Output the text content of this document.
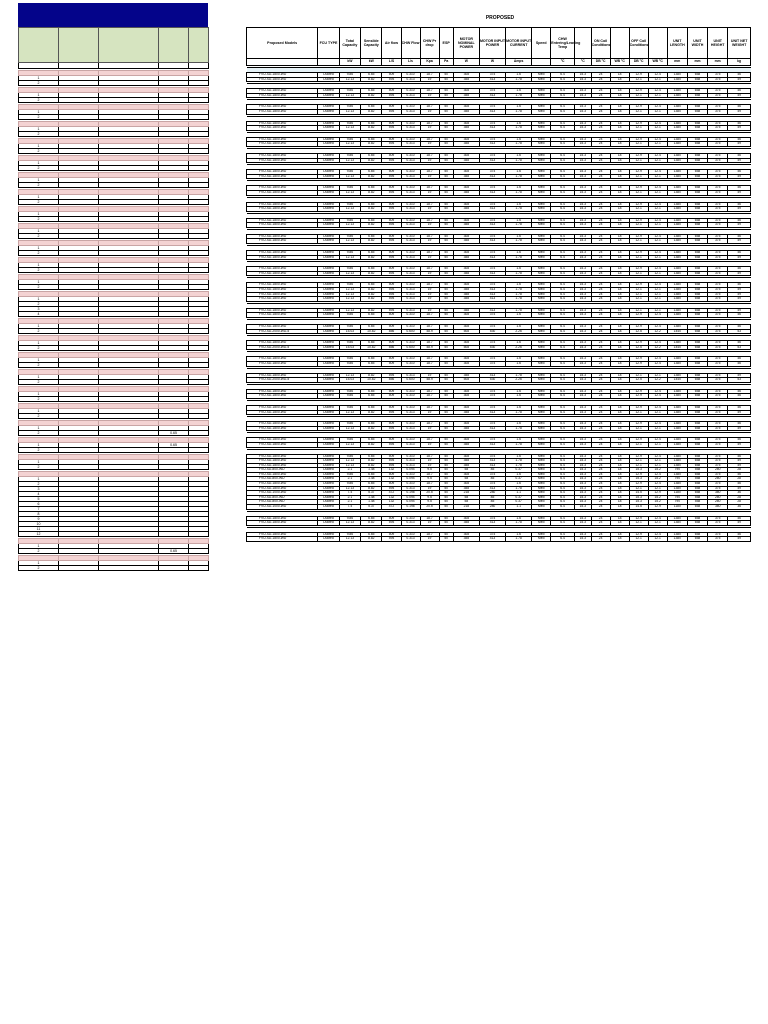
1				
2				

1				
2				

1				
2				

1				
2				

1				
2				

1				
2				

1				
2				

1				
2				

1				
2				

1				
2				

1				
2				

1				
2				

1				
2				

1				
2				
3				
4				

1				
2				

1				
2				

1				
2				

1				
2				

1				
2				

1				
2				

1				
2			0.65	

1			0.65	
2				

1				
2				

1				
2				
3				
4				
5				
6				
7				
8				
9				
10				
11				
12				

1				
2			0.65	

1				
2				
PROPOSED
Proposed Models	FCU TYPE	Total Capacity	Sensible Capacity	Air flow	CHW Flow	CHW Pr drop	ESP	MOTOR NOMINAL POWER	MOTOR INPUT POWER	MOTOR INPUT CURRENT	Speed	CHW Entering/Leaving Temp		ON Coil Conditions		OFF Coil Conditions		UNIT LENGTH	UNIT WIDTH	UNIT HEIGHT	UNIT NET WEIGHT
		kW	kW	L/S	L/s	Kpa	Pa	W	W	Amps		°C	°C	DB °C	WB °C	DB °C	WB °C	mm	mm	mm	kg

FVU-SD-1800-WD	Ducted	9.86	6.65	509	0.310	18.7	50	308	374	1.6	Med	6.4	15.3	24	18	12.9	12.4	1380	658	375	46
FVU-SD-1800-WD	Ducted	12.13	8.82	594	0.313	19	50	358	413	1.78	Med	6.4	15.3	24	18	12.1	12.1	1380	658	375	49

FVU-SD-1800-WD	Ducted	9.86	6.65	509	0.310	18.7	50	308	374	1.6	Med	6.4	15.3	24	18	12.9	12.4	1380	658	375	46
FVU-SD-1800-WD	Ducted	12.13	8.82	594	0.313	19	50	358	413	1.78	Med	6.4	15.3	24	18	12.1	12.1	1380	658	375	49

FVU-SD-1800-WD	Ducted	9.86	6.65	509	0.310	18.7	50	308	374	1.6	Med	6.4	15.3	24	18	12.9	12.4	1380	658	375	46
FVU-SD-1800-WD	Ducted	12.13	8.82	594	0.313	19	50	358	413	1.78	Med	6.4	15.3	24	18	12.1	12.1	1380	658	375	49

FVU-SD-1800-WD	Ducted	9.86	6.65	509	0.310	18.7	50	308	374	1.6	Med	6.4	15.3	24	18	12.9	12.4	1380	658	375	46
FVU-SD-1800-WD	Ducted	12.13	8.82	594	0.313	19	50	358	413	1.78	Med	6.4	15.3	24	18	12.1	12.1	1380	658	375	49

FVU-SD-1800-WD	Ducted	9.86	6.65	509	0.310	18.7	50	308	374	1.6	Med	6.4	15.3	24	18	12.9	12.4	1380	658	375	46
FVU-SD-1800-WD	Ducted	12.13	8.82	594	0.313	19	50	358	413	1.78	Med	6.4	15.3	24	18	12.1	12.1	1380	658	375	49

FVU-SD-1800-WD	Ducted	9.86	6.65	509	0.310	18.7	50	308	374	1.6	Med	6.4	15.3	24	18	12.9	12.4	1380	658	375	46
FVU-SD-1800-WD	Ducted	12.13	8.82	594	0.313	19	50	358	413	1.78	Med	6.4	15.3	24	18	12.1	12.1	1380	658	375	49

FVU-SD-1800-WD	Ducted	9.86	6.65	509	0.310	18.7	50	308	374	1.6	Med	6.4	15.3	24	18	12.9	12.4	1380	658	375	46
FVU-SD-1800-WD	Ducted	12.13	8.82	594	0.313	19	50	358	413	1.78	Med	6.4	15.3	24	18	12.1	12.1	1380	658	375	49

FVU-SD-1800-WD	Ducted	9.86	6.65	509	0.310	18.7	50	308	374	1.6	Med	6.4	15.3	24	18	12.9	12.4	1380	658	375	46
FVU-SD-1800-WD	Ducted	12.13	8.82	594	0.313	19	50	358	413	1.78	Med	6.4	15.3	24	18	12.1	12.1	1380	658	375	49

FVU-SD-1800-WD	Ducted	9.86	6.65	509	0.310	18.7	50	308	374	1.6	Med	6.4	15.3	24	18	12.9	12.4	1380	658	375	46
FVU-SD-1800-WD	Ducted	12.13	8.82	594	0.313	19	50	358	413	1.78	Med	6.4	15.3	24	18	12.1	12.1	1380	658	375	49

FVU-SD-1800-WD	Ducted	9.86	6.65	509	0.310	18.7	50	308	374	1.6	Med	6.4	15.3	24	18	12.9	12.4	1380	658	375	46
FVU-SD-1800-WD	Ducted	12.13	8.82	594	0.313	19	50	358	413	1.78	Med	6.4	15.3	24	18	12.1	12.1	1380	658	375	49

FVU-SD-1800-WD	Ducted	9.86	6.65	509	0.310	18.7	50	308	374	1.6	Med	6.4	15.3	24	18	12.9	12.4	1380	658	375	46
FVU-SD-1800-WD	Ducted	12.13	8.82	594	0.313	19	50	358	413	1.78	Med	6.4	15.3	24	18	12.1	12.1	1380	658	375	49

FVU-SD-1800-WD	Ducted	9.86	6.65	509	0.310	18.7	50	308	374	1.6	Med	6.4	15.3	24	18	12.9	12.4	1380	658	375	46
FVU-SD-1800-WD	Ducted	12.13	8.82	594	0.313	19	50	358	413	1.78	Med	6.4	15.3	24	18	12.1	12.1	1380	658	375	49

FVU-SD-1800-WD	Ducted	9.86	6.65	509	0.310	18.7	50	308	374	1.6	Med	6.4	15.3	24	18	12.9	12.4	1380	658	375	46
FVU-SD-1800-WD	Ducted	12.13	8.82	594	0.313	19	50	358	413	1.78	Med	6.4	15.3	24	18	12.1	12.1	1380	658	375	49

FVU-SD-1800-WD	Ducted	9.86	6.65	509	0.310	18.7	50	308	374	1.6	Med	6.4	15.3	24	18	12.9	12.4	1380	658	375	46
FVU-SD-1800-WD	Ducted	12.13	8.82	594	0.313	19	50	358	413	1.78	Med	6.4	15.3	24	18	12.1	12.1	1380	658	375	49
FVU-SD-1800-WD	Ducted	12.13	8.82	594	0.313	19	50	358	413	1.78	Med	6.4	15.3	24	18	12.1	12.1	1380	658	375	49
FVU-SD-1800-WD	Ducted	12.13	8.82	594	0.313	19	50	358	413	1.78	Med	6.4	15.3	24	18	12.1	12.1	1380	658	375	49

FVU-SD-1800-WD	Ducted	12.13	8.82	594	0.313	19	50	358	413	1.78	Med	6.4	15.3	24	18	12.1	12.1	1380	658	375	49
FVU-SD-1800-WD	Ducted	9.86	6.65	509	0.310	18.7	50	308	374	1.6	Med	6.4	15.3	24	18	12.9	12.4	1380	658	375	46

FVU-SD-1800-WD	Ducted	9.86	6.65	509	0.310	18.7	50	308	374	1.6	Med	6.4	15.3	24	18	12.9	12.4	1380	658	375	46
FVU-SD-2000-WD-5	Ducted	15.03	10.82	856	0.600	48.9	50	508	530	2.26	Med	6.4	15.3	24	18	12.5	12.2	1440	658	375	53

FVU-SD-1800-WD	Ducted	9.86	6.65	509	0.310	18.7	50	308	374	1.6	Med	6.4	15.3	24	18	12.9	12.4	1380	658	375	46
FVU-SD-2000-WD-5	Ducted	15.03	10.82	856	0.600	48.9	50	508	530	2.26	Med	6.4	15.3	24	18	12.5	12.2	1440	658	375	53

FVU-SD-1800-WD	Ducted	9.86	6.65	509	0.310	18.7	50	308	374	1.6	Med	6.4	15.3	24	18	12.9	12.4	1380	658	375	46
FVU-SD-1800-WD	Ducted	9.86	6.65	509	0.310	18.7	50	308	374	1.6	Med	6.4	15.3	24	18	12.9	12.4	1380	658	375	46

FVU-SD-1800-WD	Ducted	12.13	8.82	594	0.313	19	50	358	413	1.78	Med	6.4	15.3	24	18	12.1	12.1	1380	658	375	49
FVU-SD-2000-WD-5	Ducted	15.03	10.82	856	0.600	48.9	50	508	530	2.26	Med	6.4	15.3	24	18	12.5	12.2	1440	658	375	53

FVU-SD-1800-WD	Ducted	9.86	6.65	509	0.310	18.7	50	308	374	1.6	Med	6.4	15.3	24	18	12.9	12.4	1380	658	375	46
FVU-SD-1800-WD	Ducted	9.86	6.65	509	0.310	18.7	50	308	374	1.6	Med	6.4	15.3	24	18	12.9	12.4	1380	658	375	46

FVU-SD-1800-WD	Ducted	9.86	6.65	509	0.310	18.7	50	308	374	1.6	Med	6.4	15.3	24	18	12.9	12.4	1380	658	375	46
FVU-SD-1800-WD	Ducted	12.13	8.82	594	0.313	19	50	358	413	1.78	Med	6.4	15.3	24	18	12.1	12.1	1380	658	375	49

FVU-SD-1800-WD	Ducted	9.86	6.65	509	0.310	18.7	50	308	374	1.6	Med	6.4	15.3	24	18	12.9	12.4	1380	658	375	46
FVU-SD-1800-WD	Ducted	12.13	8.82	594	0.313	19	50	358	413	1.78	Med	6.4	15.3	24	18	12.1	12.1	1380	658	375	49

FVU-SD-1800-WD	Ducted	9.86	6.65	509	0.310	18.7	50	308	374	1.6	Med	6.4	15.3	24	18	12.9	12.4	1380	658	375	46
FVU-SD-1800-WD	Ducted	12.13	8.82	594	0.313	19	50	358	413	1.78	Med	6.4	15.3	24	18	12.1	12.1	1380	658	375	49

FVU-SD-1800-WD	Ducted	9.86	6.65	509	0.310	18.7	50	308	374	1.6	Med	6.4	15.3	24	18	12.9	12.4	1380	658	375	46
FVU-SD-1800-WD	Ducted	12.13	8.82	594	0.313	19	50	358	413	1.78	Med	6.4	15.3	24	18	12.1	12.1	1380	658	375	49
FVU-SD-1800-WD	Ducted	12.13	8.82	594	0.313	19	50	358	413	1.78	Med	6.4	15.3	24	18	12.1	12.1	1380	658	375	49
FVU-SD-800-WD	Ducted	2.1	1.48	132	0.094	9.5	50	58	85	0.37	Med	6.4	15.3	24	18	15.3	15.2	790	558	280	28
FVU-SD-1800-WD	Ducted	9.86	6.65	509	0.310	18.7	50	308	374	1.6	Med	6.4	15.3	24	18	12.9	12.4	1380	658	375	46
FVU-SD-800-WD	Ducted	2.1	1.48	132	0.094	9.5	50	58	85	0.37	Med	6.4	15.3	24	18	15.3	15.2	790	558	280	28
FVU-SD-1800-WD	Ducted	9.86	6.65	509	0.310	18.7	50	308	374	1.6	Med	6.4	15.3	24	18	12.9	12.4	1380	658	375	46
FVU-SD-1800-WD	Ducted	12.13	8.82	594	0.313	19	50	358	413	1.78	Med	6.4	15.3	24	18	12.1	12.1	1380	658	375	49
FVU-SD-1000-WD	Ducted	7.4	5.37	472	0.198	20.5	50	218	280	1.1	Med	6.4	15.3	24	18	14.5	12.9	1180	658	380	36
FVU-SD-800-WD	Ducted	2.1	1.48	132	0.094	9.5	50	58	85	0.37	Med	6.4	15.3	24	18	15.3	15.2	790	558	280	28
FVU-SD-800-WD	Ducted	2.1	1.48	132	0.094	9.5	50	58	85	0.37	Med	6.4	15.3	24	18	15.3	15.2	790	558	280	28
FVU-SD-1000-WD	Ducted	7.4	5.37	472	0.198	20.5	50	218	280	1.1	Med	6.4	15.3	24	18	14.5	12.9	1180	658	380	36

FVU-SD-1800-WD	Ducted	9.86	6.65	509	0.310	18.7	50	308	374	1.6	Med	6.4	15.3	24	18	12.9	12.4	1380	658	375	46
FVU-SD-1800-WD	Ducted	12.13	8.82	594	0.313	19	50	358	413	1.78	Med	6.4	15.3	24	18	12.1	12.1	1380	658	375	49

FVU-SD-1800-WD	Ducted	9.86	6.65	509	0.310	18.7	50	308	374	1.6	Med	6.4	15.3	24	18	12.9	12.4	1380	658	375	46
FVU-SD-1800-WD	Ducted	12.13	8.82	594	0.313	19	50	358	413	1.78	Med	6.4	15.3	24	18	12.1	12.1	1380	658	375	49
